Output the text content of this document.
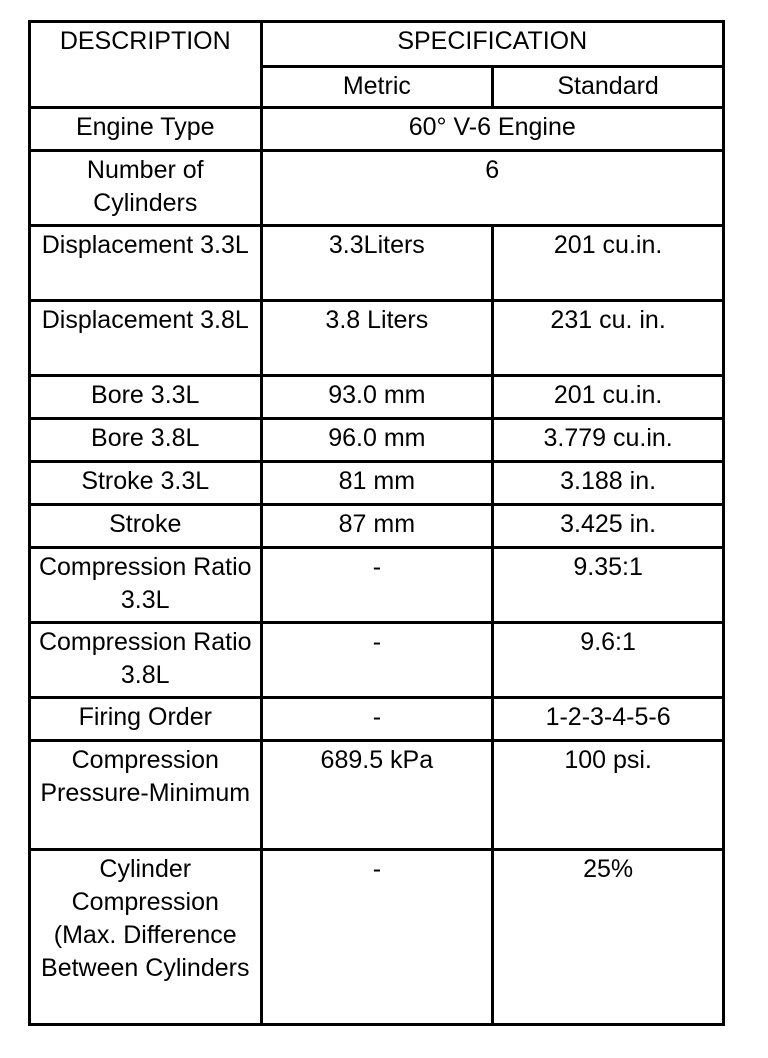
DESCRIPTION	SPECIFICATION	
	Metric	Standard
Engine Type	60° V-6 Engine	
Number of Cylinders	6	
Displacement 3.3L	3.3Liters	201 cu.in.
Displacement 3.8L	3.8 Liters	231 cu. in.
Bore 3.3L	93.0 mm	201 cu.in.
Bore 3.8L	96.0 mm	3.779 cu.in.
Stroke 3.3L	81 mm	3.188 in.
Stroke	87 mm	3.425 in.
Compression Ratio 3.3L	-	9.35:1
Compression Ratio 3.8L	-	9.6:1
Firing Order	-	1-2-3-4-5-6
Compression Pressure-Minimum	689.5 kPa	100 psi.
Cylinder Compression (Max. Difference Between Cylinders	-	25%
